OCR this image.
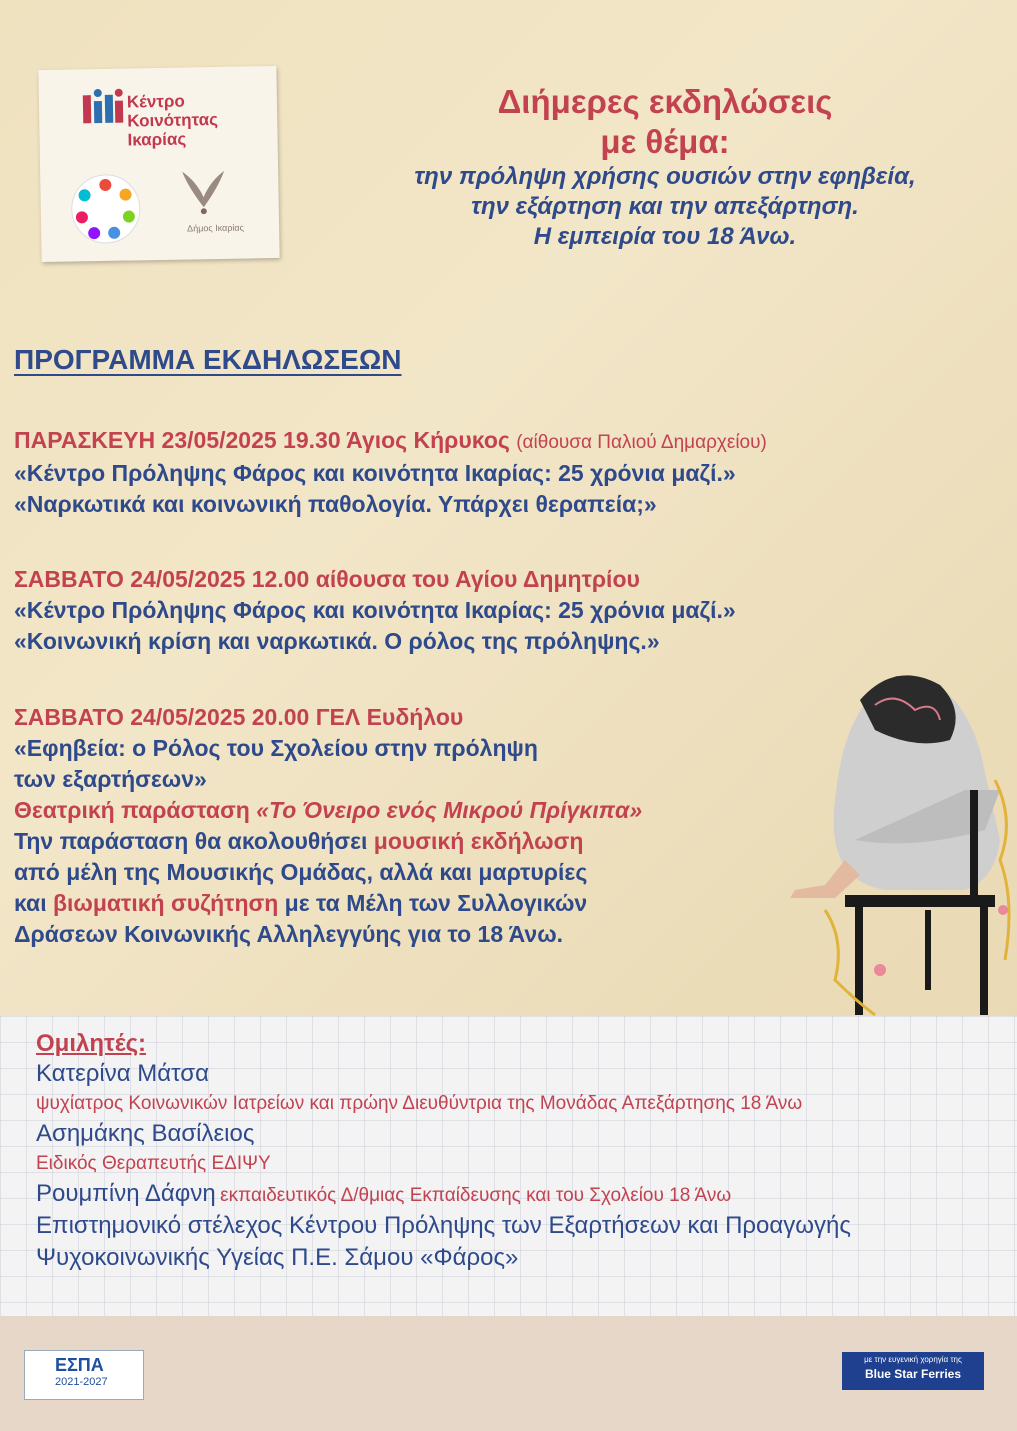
Κέντρο
Κοινότητας
Ικαρίας
Δήμος Ικαρίας
Διήμερες εκδηλώσεις
με θέμα:
την πρόληψη χρήσης ουσιών στην εφηβεία,
την εξάρτηση και την απεξάρτηση.
Η εμπειρία του 18 Άνω.
ΠΡΟΓΡΑΜΜΑ ΕΚΔΗΛΩΣΕΩΝ
ΠΑΡΑΣΚΕΥΗ 23/05/2025 19.30 Άγιος Κήρυκος (αίθουσα Παλιού Δημαρχείου)
«Κέντρο Πρόληψης Φάρος και κοινότητα Ικαρίας: 25 χρόνια μαζί.»
«Ναρκωτικά και κοινωνική παθολογία. Υπάρχει θεραπεία;»
ΣΑΒΒΑΤΟ 24/05/2025 12.00 αίθουσα του Αγίου Δημητρίου
«Κέντρο Πρόληψης Φάρος και κοινότητα Ικαρίας: 25 χρόνια μαζί.»
«Κοινωνική κρίση και ναρκωτικά. Ο ρόλος της πρόληψης.»
ΣΑΒΒΑΤΟ 24/05/2025 20.00 ΓΕΛ Ευδήλου
«Εφηβεία: ο Ρόλος του Σχολείου στην πρόληψη
των εξαρτήσεων»
Θεατρική παράσταση «Το Όνειρο ενός Μικρού Πρίγκιπα»
Την παράσταση θα ακολουθήσει μουσική εκδήλωση
από μέλη της Μουσικής Ομάδας, αλλά και μαρτυρίες
και βιωματική συζήτηση με τα Μέλη των Συλλογικών
Δράσεων Κοινωνικής Αλληλεγγύης για το 18 Άνω.
Ομιλητές:
Κατερίνα Μάτσα
ψυχίατρος Κοινωνικών Ιατρείων και πρώην Διευθύντρια της Μονάδας Απεξάρτησης 18 Άνω
Ασημάκης Βασίλειος
Ειδικός Θεραπευτής ΕΔΙΨΥ
Ρουμπίνη Δάφνη εκπαιδευτικός Δ/θμιας Εκπαίδευσης και του Σχολείου 18 Άνω
Επιστημονικό στέλεχος Κέντρου Πρόληψης των Εξαρτήσεων και Προαγωγής
Ψυχοκοινωνικής Υγείας Π.Ε. Σάμου «Φάρος»
ΕΣΠΑ
2021-2027
με την ευγενική χορηγία της
Blue Star Ferries
